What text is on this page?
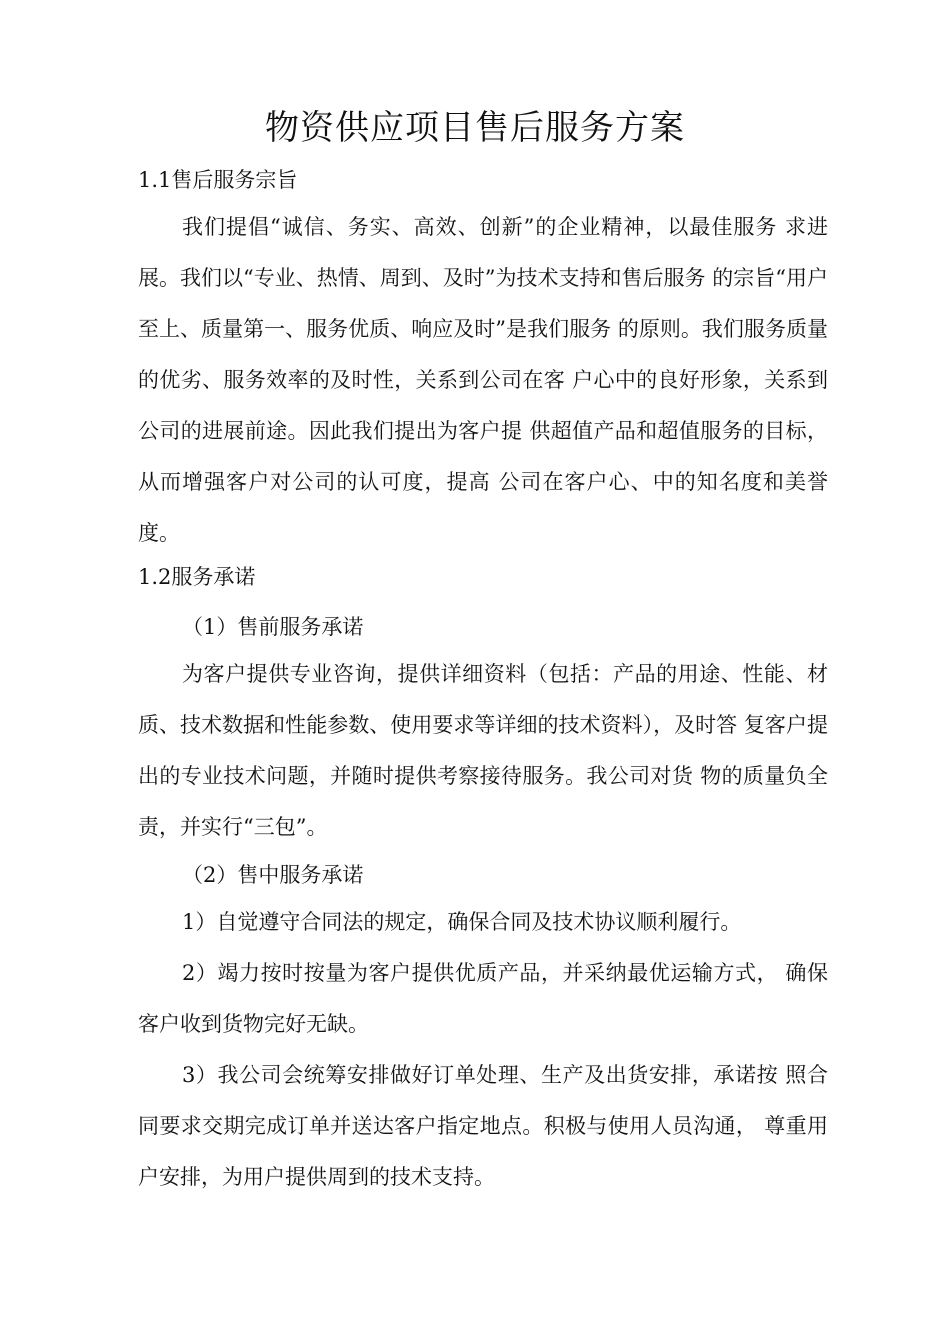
物资供应项目售后服务方案
1.1售后服务宗旨
我们提倡“诚信、务实、高效、创新”的企业精神，以最佳服务 求进展。我们以“专业、热情、周到、及时”为技术支持和售后服务 的宗旨“用户至上、质量第一、服务优质、响应及时”是我们服务 的原则。我们服务质量的优劣、服务效率的及时性，关系到公司在客 户心中的良好形象，关系到公司的进展前途。因此我们提出为客户提 供超值产品和超值服务的目标，从而增强客户对公司的认可度，提高 公司在客户心、中的知名度和美誉度。
1.2服务承诺
（1）售前服务承诺
为客户提供专业咨询，提供详细资料（包括：产品的用途、性能、材质、技术数据和性能参数、使用要求等详细的技术资料），及时答 复客户提出的专业技术问题，并随时提供考察接待服务。我公司对货 物的质量负全责，并实行“三包”。
（2）售中服务承诺
1）自觉遵守合同法的规定，确保合同及技术协议顺利履行。
2）竭力按时按量为客户提供优质产品，并采纳最优运输方式， 确保客户收到货物完好无缺。
3）我公司会统筹安排做好订单处理、生产及出货安排，承诺按 照合同要求交期完成订单并送达客户指定地点。积极与使用人员沟通， 尊重用户安排，为用户提供周到的技术支持。
